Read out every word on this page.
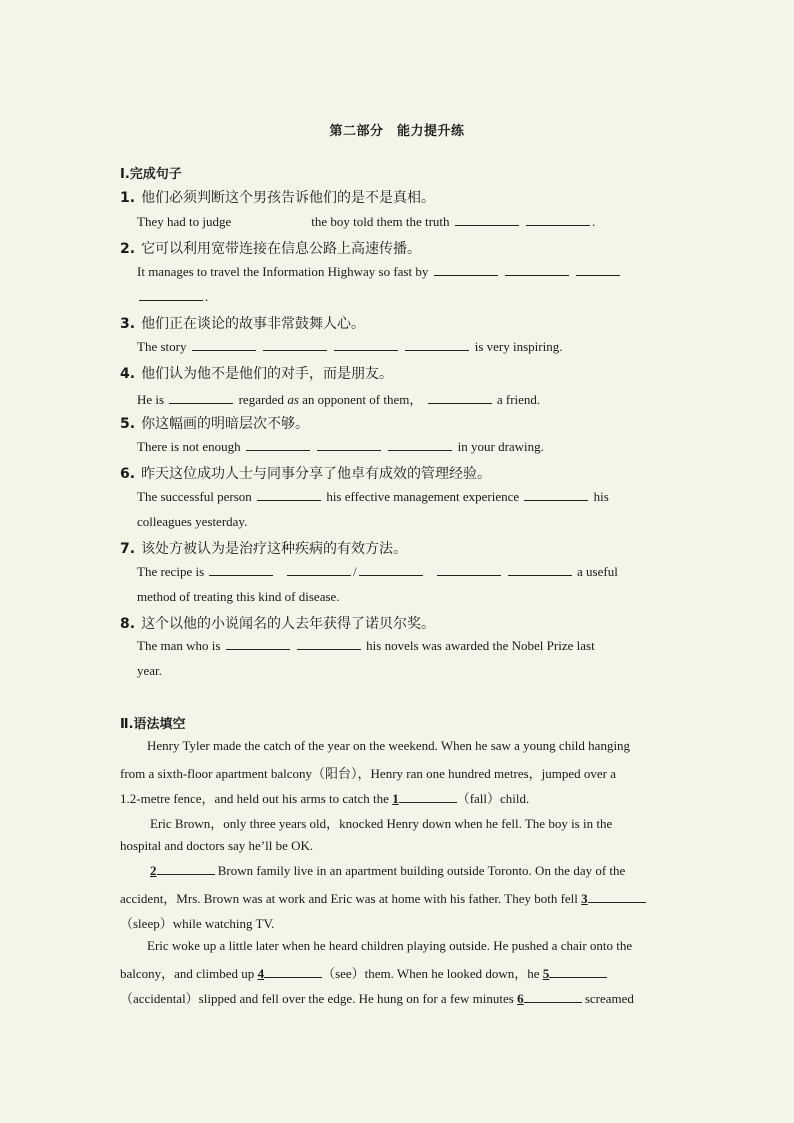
第二部分　能力提升练
Ⅰ.完成句子
1. 他们必须判断这个男孩告诉他们的是不是真相。
They had to judge	the boy told them the truth	.
2. 它可以利用宽带连接在信息公路上高速传播。
It manages to travel the Information Highway so fast by
.
3. 他们正在谈论的故事非常鼓舞人心。
The story	is very inspiring.
4. 他们认为他不是他们的对手，而是朋友。
He is	regarded as an opponent of them，	a friend.
5. 你这幅画的明暗层次不够。
There is not enough	in your drawing.
6. 昨天这位成功人士与同事分享了他卓有成效的管理经验。
The successful person	his effective management experience	his
colleagues yesterday.
7. 该处方被认为是治疗这种疾病的有效方法。
The recipe is	/	a useful
method of treating this kind of disease.
8. 这个以他的小说闻名的人去年获得了诺贝尔奖。
The man who is	his novels was awarded the Nobel Prize last
year.
Ⅱ.语法填空
Henry Tyler made the catch of the year on the weekend. When he saw a young child hanging
from a sixth-floor apartment balcony（阳台），Henry ran one hundred metres，jumped over a
1.2-metre fence，and held out his arms to catch the 1	（fall）child.
Eric Brown，only three years old，knocked Henry down when he fell. The boy is in the
hospital and doctors say he’ll be OK.
2	Brown family live in an apartment building outside Toronto. On the day of the
accident，Mrs. Brown was at work and Eric was at home with his father. They both fell 3
（sleep）while watching TV.
Eric woke up a little later when he heard children playing outside. He pushed a chair onto the
balcony，and climbed up 4	（see）them. When he looked down，he 5
（accidental）slipped and fell over the edge. He hung on for a few minutes 6	screamed
